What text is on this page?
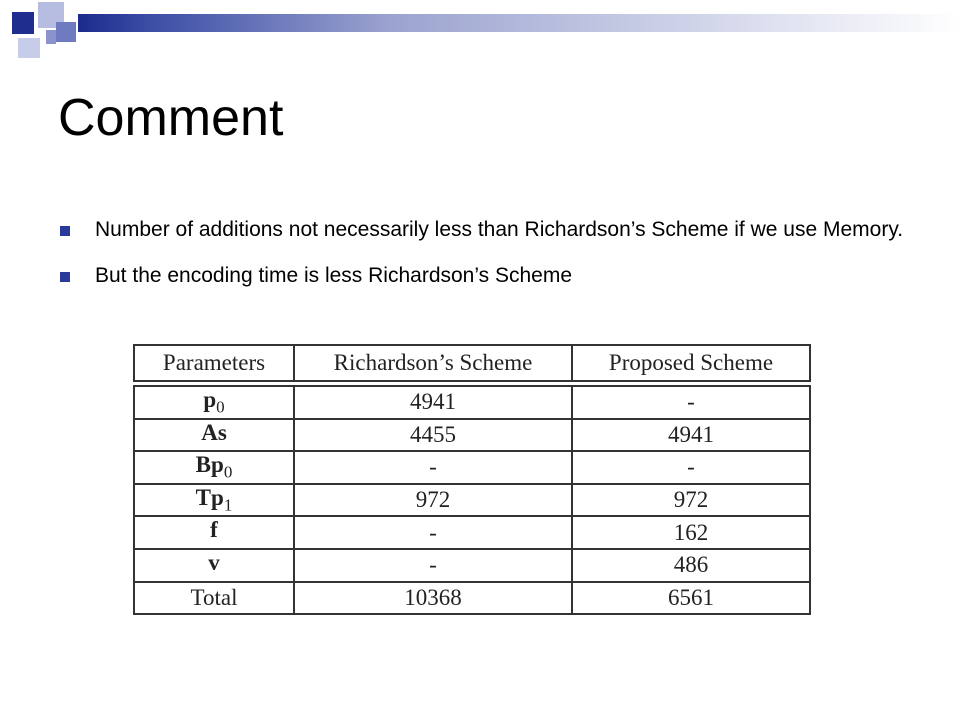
Comment
Number of additions not necessarily less than Richardson’s Scheme if we use Memory.
But the encoding time is less Richardson’s Scheme
Parameters	Richardson’s Scheme	Proposed Scheme

$p_0$	4941	-
As	4455	4941
$Bp_0$	-	-
$Tp_1$	972	972
f	-	162
v	-	486
Total	10368	6561
